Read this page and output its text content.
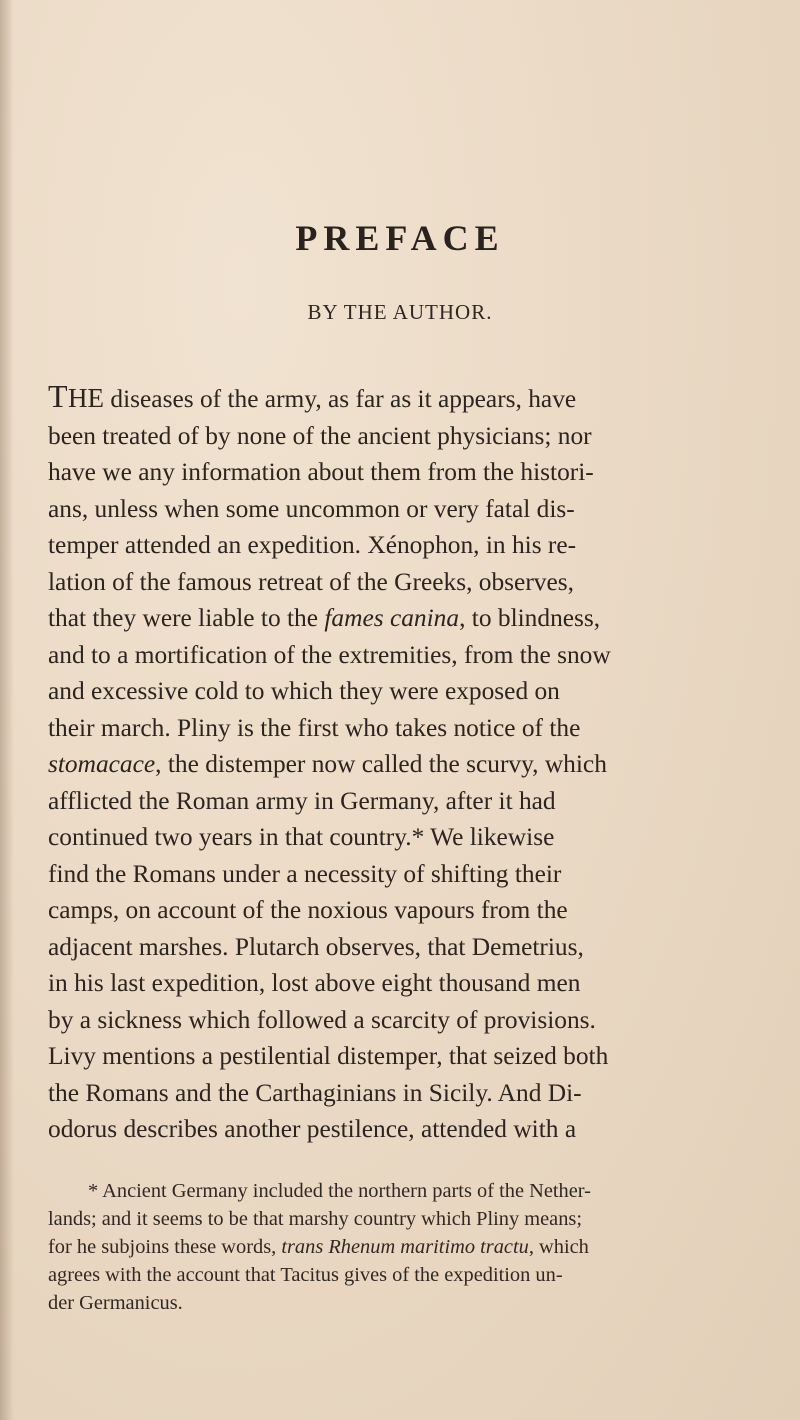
PREFACE

BY THE AUTHOR.

THE diseases of the army, as far as it appears, have
been treated of by none of the ancient physicians; nor
have we any information about them from the histori-
ans, unless when some uncommon or very fatal dis-
temper attended an expedition. Xénophon, in his re-
lation of the famous retreat of the Greeks, observes,
that they were liable to the fames canina, to blindness,
and to a mortification of the extremities, from the snow
and excessive cold to which they were exposed on
their march. Pliny is the first who takes notice of the
stomacace, the distemper now called the scurvy, which
afflicted the Roman army in Germany, after it had
continued two years in that country.* We likewise
find the Romans under a necessity of shifting their
camps, on account of the noxious vapours from the
adjacent marshes. Plutarch observes, that Demetrius,
in his last expedition, lost above eight thousand men
by a sickness which followed a scarcity of provisions.
Livy mentions a pestilential distemper, that seized both
the Romans and the Carthaginians in Sicily. And Di-
odorus describes another pestilence, attended with a

* Ancient Germany included the northern parts of the Nether-
lands; and it seems to be that marshy country which Pliny means;
for he subjoins these words, trans Rhenum maritimo tractu, which
agrees with the account that Tacitus gives of the expedition un-
der Germanicus.
